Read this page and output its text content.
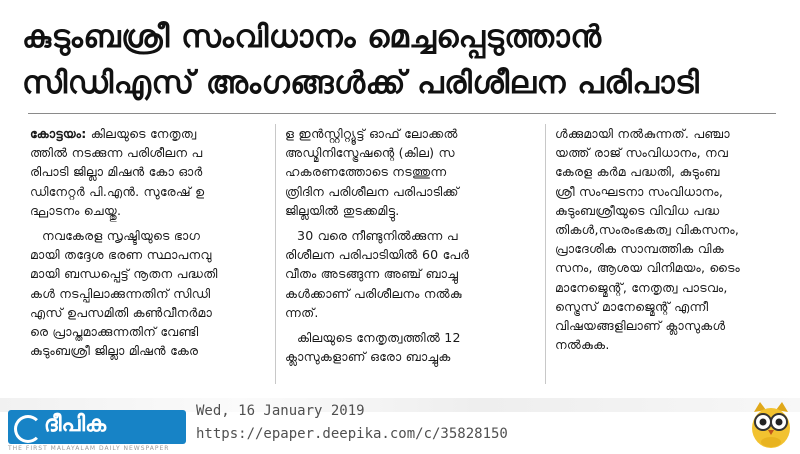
കുടുംബശ്രീ സംവിധാനം മെച്ചപ്പെടുത്താൻ
സിഡിഎസ് അംഗങ്ങൾക്ക് പരിശീലന പരിപാടി

കോട്ടയം: കിലയുടെ നേതൃത്വ
ത്തിൽ നടക്കുന്ന പരിശീലന പ
രിപാടി ജില്ലാ മിഷൻ കോ ഓർ
ഡിനേറ്റർ പി.എൻ. സുരേഷ് ഉ
ദ്ഘാടനം ചെയ്തു.

നവകേരള സൃഷ്ടിയുടെ ഭാഗ
മായി തദ്ദേശ ഭരണ സ്ഥാപനവു
മായി ബന്ധപ്പെട്ട് നൂതന പദ്ധതി
കൾ നടപ്പിലാക്കുന്നതിന് സിഡി
എസ് ഉപസമിതി കൺവീനർമാ
രെ പ്രാപ്തമാക്കുന്നതിന് വേണ്ടി
കുടുംബശ്രീ ജില്ലാ മിഷൻ കേര

ള ഇൻസ്റ്റിറ്റ്യൂട്ട് ഓഫ് ലോക്കൽ
അഡ്മിനിസ്ട്രേഷന്റെ (കില) സ
ഹകരണത്തോടെ നടത്തുന്ന
ത്രിദിന പരിശീലന പരിപാടിക്ക്
ജില്ലയിൽ തുടക്കമിട്ടു.

30 വരെ നീണ്ടുനിൽക്കുന്ന പ
രിശീലന പരിപാടിയിൽ 60 പേർ
വീതം അടങ്ങുന്ന അഞ്ച് ബാച്ചു
കൾക്കാണ് പരിശീലനം നൽകു
ന്നത്.

കിലയുടെ നേതൃത്വത്തിൽ 12
ക്ലാസുകളാണ് ഒരോ ബാച്ചുക

ൾക്കുമായി നൽകുന്നത്. പഞ്ചാ
യത്ത് രാജ് സംവിധാനം, നവ
കേരള കർമ പദ്ധതി, കുടുംബ
ശ്രീ സംഘടനാ സംവിധാനം,
കുടുംബശ്രീയുടെ വിവിധ പദ്ധ
തികൾ,സംരംഭകത്വ വികസനം,
പ്രാദേശിക സാമ്പത്തിക വിക
സനം, ആശയ വിനിമയം, ടൈം
മാനേജ്മെന്റ്, നേതൃത്വ പാടവം,
സ്ട്രെസ് മാനേജ്മെന്റ് എന്നീ
വിഷയങ്ങളിലാണ് ക്ലാസുകൾ
നൽകുക.

ദീപിക
THE FIRST MALAYALAM DAILY NEWSPAPER
Wed, 16 January 2019
https://epaper.deepika.com/c/35828150
